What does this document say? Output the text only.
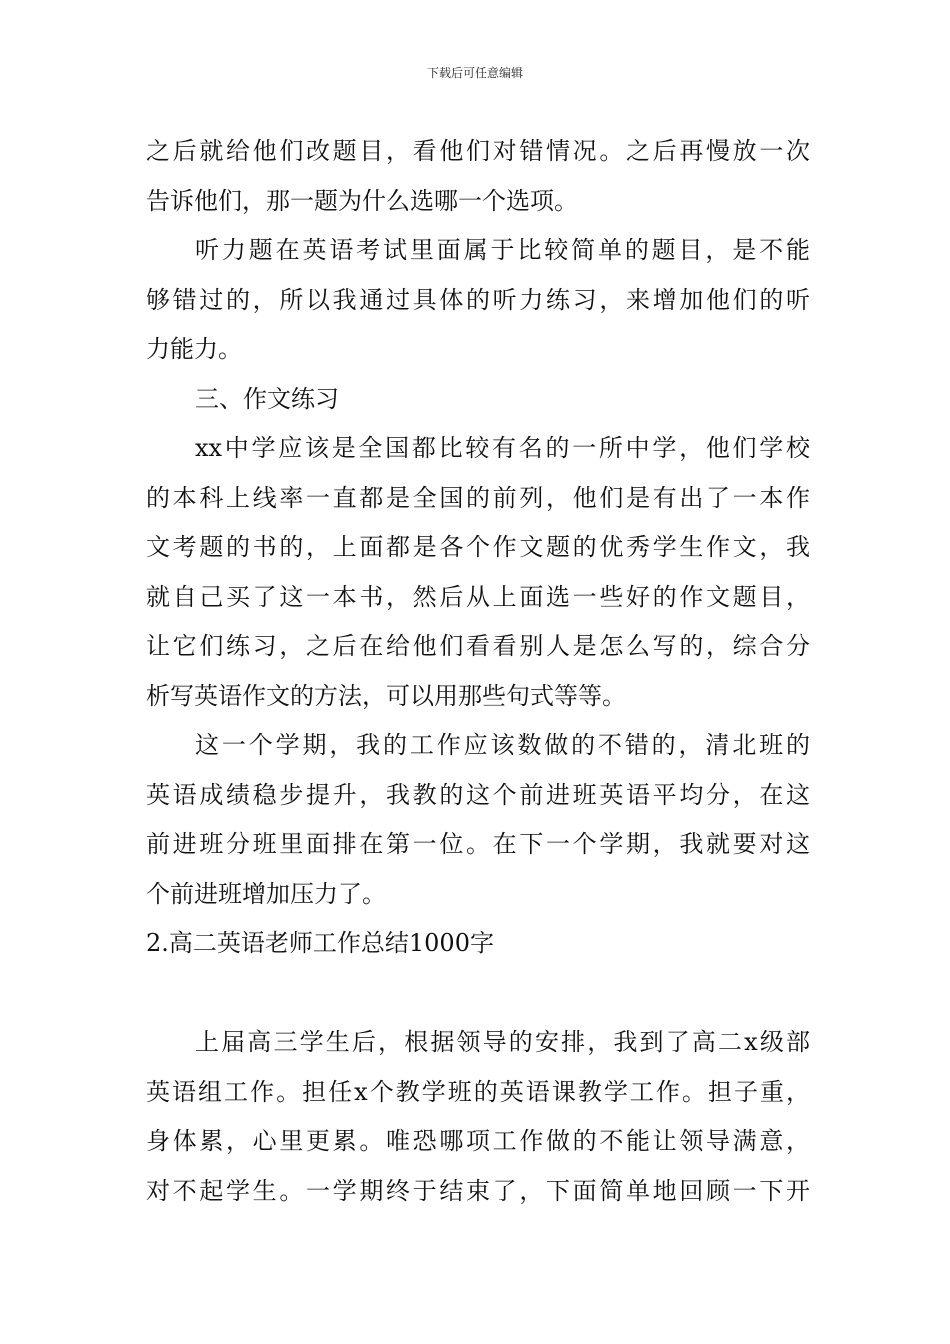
下载后可任意编辑

之后就给他们改题目，看他们对错情况。之后再慢放一次
告诉他们，那一题为什么选哪一个选项。

听力题在英语考试里面属于比较简单的题目，是不能
够错过的，所以我通过具体的听力练习，来增加他们的听
力能力。

三、作文练习

xx中学应该是全国都比较有名的一所中学，他们学校
的本科上线率一直都是全国的前列，他们是有出了一本作
文考题的书的，上面都是各个作文题的优秀学生作文，我
就自己买了这一本书，然后从上面选一些好的作文题目，
让它们练习，之后在给他们看看别人是怎么写的，综合分
析写英语作文的方法，可以用那些句式等等。

这一个学期，我的工作应该数做的不错的，清北班的
英语成绩稳步提升，我教的这个前进班英语平均分，在这
前进班分班里面排在第一位。在下一个学期，我就要对这
个前进班增加压力了。

2.高二英语老师工作总结1000字

上届高三学生后，根据领导的安排，我到了高二x级部
英语组工作。担任x个教学班的英语课教学工作。担子重，
身体累，心里更累。唯恐哪项工作做的不能让领导满意，
对不起学生。一学期终于结束了，下面简单地回顾一下开
